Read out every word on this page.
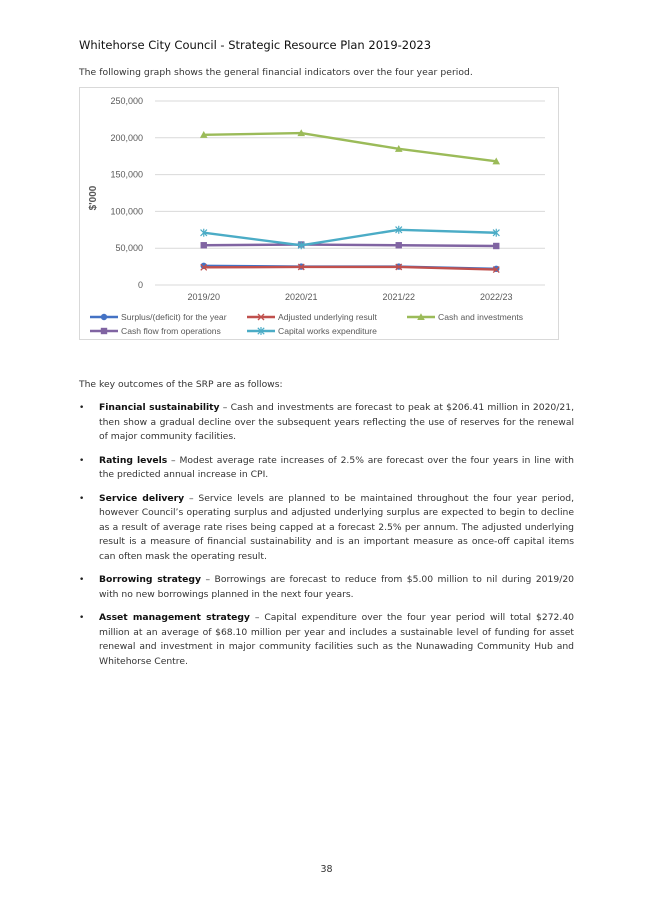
Whitehorse City Council - Strategic Resource Plan 2019-2023
The following graph shows the general financial indicators over the four year period.
0
50,000
100,000
150,000
200,000
250,000
2019/20	2020/21	2021/22	2022/23
$'000
Surplus/(deficit) for the year	Adjusted underlying result	Cash and investments
Cash flow from operations	Capital works expenditure
The key outcomes of the SRP are as follows:
• Financial sustainability – Cash and investments are forecast to peak at $206.41 million in 2020/21, then show a gradual decline over the subsequent years reflecting the use of reserves for the renewal of major community facilities.
• Rating levels – Modest average rate increases of 2.5% are forecast over the four years in line with the predicted annual increase in CPI.
• Service delivery – Service levels are planned to be maintained throughout the four year period, however Council’s operating surplus and adjusted underlying surplus are expected to begin to decline as a result of average rate rises being capped at a forecast 2.5% per annum. The adjusted underlying result is a measure of financial sustainability and is an important measure as once-off capital items can often mask the operating result.
• Borrowing strategy – Borrowings are forecast to reduce from $5.00 million to nil during 2019/20 with no new borrowings planned in the next four years.
• Asset management strategy – Capital expenditure over the four year period will total $272.40 million at an average of $68.10 million per year and includes a sustainable level of funding for asset renewal and investment in major community facilities such as the Nunawading Community Hub and Whitehorse Centre.
38
